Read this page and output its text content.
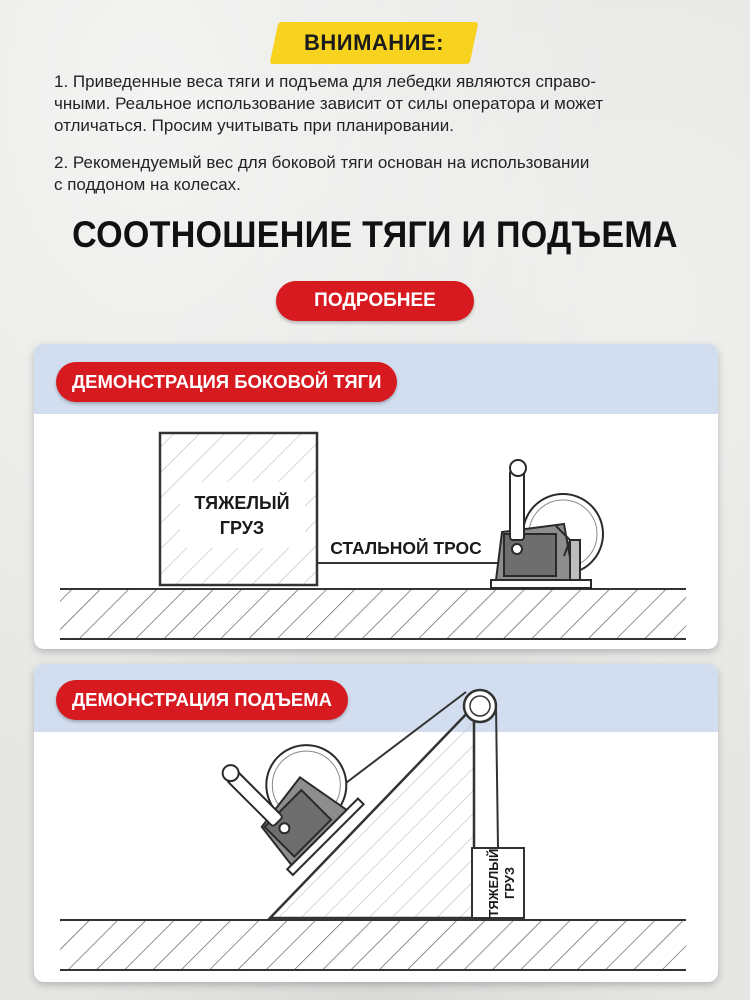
ВНИМАНИЕ:
1. Приведенные веса тяги и подъема для лебедки являются справо-
чными. Реальное использование зависит от силы оператора и может
отличаться. Просим учитывать при планировании.
2. Рекомендуемый вес для боковой тяги основан на использовании
с поддоном на колесах.
СООТНОШЕНИЕ ТЯГИ И ПОДЪЕМА
ПОДРОБНЕЕ
ДЕМОНСТРАЦИЯ БОКОВОЙ ТЯГИ
ТЯЖЕЛЫЙ
ГРУЗ
СТАЛЬНОЙ ТРОС
ДЕМОНСТРАЦИЯ ПОДЪЕМА
ТЯЖЕЛЫЙ ГРУЗ
